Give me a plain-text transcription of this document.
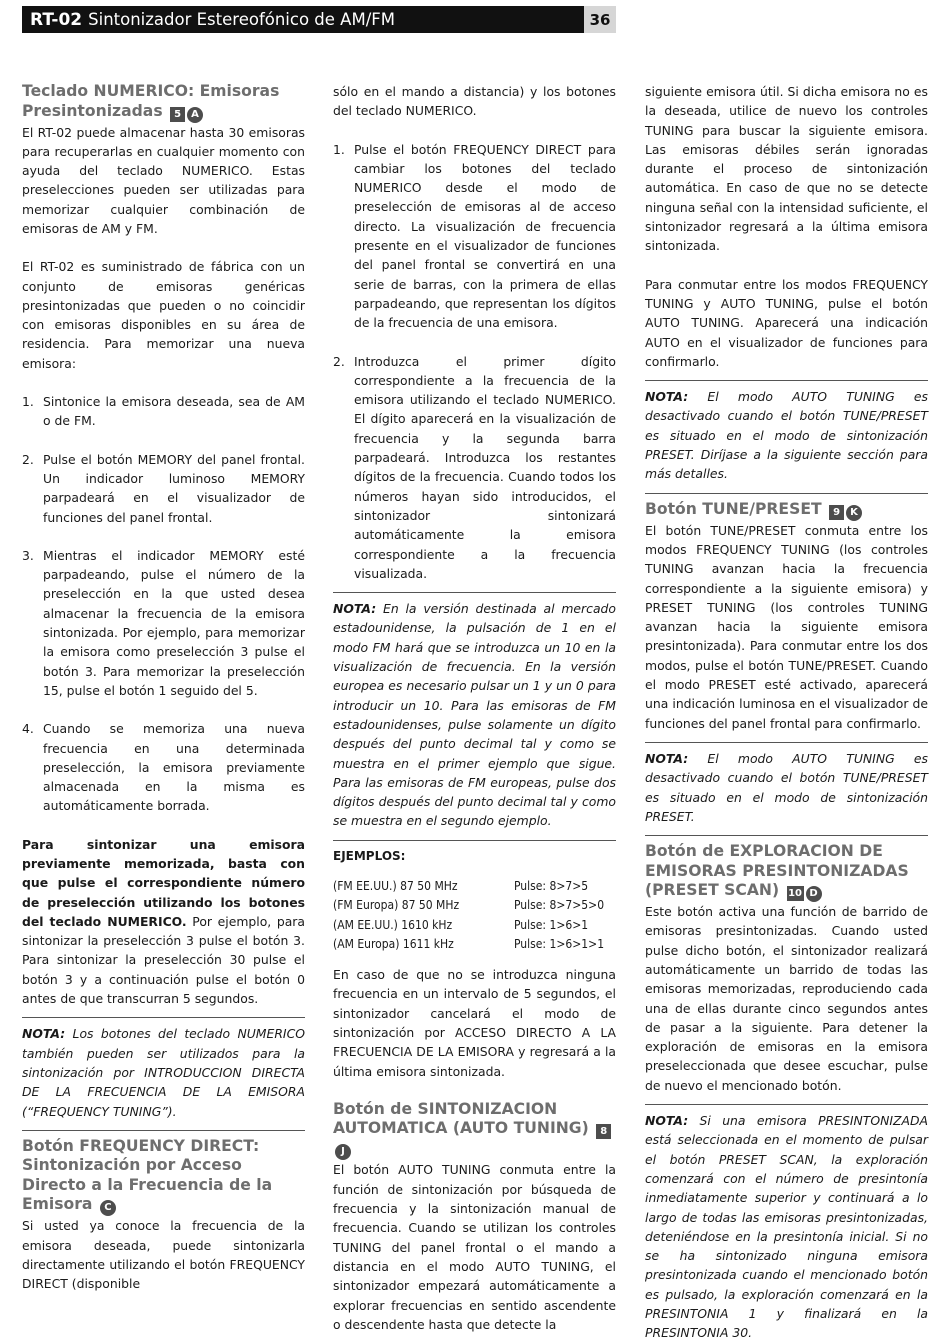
RT-02 Sintonizador Estereofónico de AM/FM	36
Teclado NUMERICO: Emisoras Presintonizadas 5 A

El RT-02 puede almacenar hasta 30 emisoras para recuperarlas en cualquier momento con ayuda del teclado NUMERICO. Estas preselecciones pueden ser utilizadas para memorizar cualquier combinación de emisoras de AM y FM.

El RT-02 es suministrado de fábrica con un conjunto de emisoras genéricas presintonizadas que pueden o no coincidir con emisoras disponibles en su área de residencia. Para memorizar una nueva emisora:

1. Sintonice la emisora deseada, sea de AM o de FM.
2. Pulse el botón MEMORY del panel frontal. Un indicador luminoso MEMORY parpadeará en el visualizador de funciones del panel frontal.
3. Mientras el indicador MEMORY esté parpadeando, pulse el número de la preselección en la que usted desea almacenar la frecuencia de la emisora sintonizada. Por ejemplo, para memorizar la emisora como preselección 3 pulse el botón 3. Para memorizar la preselección 15, pulse el botón 1 seguido del 5.
4. Cuando se memoriza una nueva frecuencia en una determinada preselección, la emisora previamente almacenada en la misma es automáticamente borrada.

Para sintonizar una emisora previamente memorizada, basta con que pulse el correspondiente número de preselección utilizando los botones del teclado NUMERICO. Por ejemplo, para sintonizar la preselección 3 pulse el botón 3. Para sintonizar la preselección 30 pulse el botón 3 y a continuación pulse el botón 0 antes de que transcurran 5 segundos.

NOTA: Los botones del teclado NUMERICO también pueden ser utilizados para la sintonización por INTRODUCCION DIRECTA DE LA FRECUENCIA DE LA EMISORA (“FREQUENCY TUNING”).

Botón FREQUENCY DIRECT: Sintonización por Acceso Directo a la Frecuencia de la Emisora C

Si usted ya conoce la frecuencia de la emisora deseada, puede sintonizarla directamente utilizando el botón FREQUENCY DIRECT (disponible

sólo en el mando a distancia) y los botones del teclado NUMERICO.

1. Pulse el botón FREQUENCY DIRECT para cambiar los botones del teclado NUMERICO desde el modo de preselección de emisoras al de acceso directo. La visualización de frecuencia presente en el visualizador de funciones del panel frontal se convertirá en una serie de barras, con la primera de ellas parpadeando, que representan los dígitos de la frecuencia de una emisora.
2. Introduzca el primer dígito correspondiente a la frecuencia de la emisora utilizando el teclado NUMERICO. El dígito aparecerá en la visualización de frecuencia y la segunda barra parpadeará. Introduzca los restantes dígitos de la frecuencia. Cuando todos los números hayan sido introducidos, el sintonizador sintonizará automáticamente la emisora correspondiente a la frecuencia visualizada.

NOTA: En la versión destinada al mercado estadounidense, la pulsación de 1 en el modo FM hará que se introduzca un 10 en la visualización de frecuencia. En la versión europea es necesario pulsar un 1 y un 0 para introducir un 10. Para las emisoras de FM estadounidenses, pulse solamente un dígito después del punto decimal tal y como se muestra en el primer ejemplo que sigue. Para las emisoras de FM europeas, pulse dos dígitos después del punto decimal tal y como se muestra en el segundo ejemplo.

EJEMPLOS:

(FM EE.UU.) 87 50 MHz	Pulse: 8>7>5
(FM Europa) 87 50 MHz	Pulse: 8>7>5>0
(AM EE.UU.) 1610 kHz	Pulse: 1>6>1
(AM Europa) 1611 kHz	Pulse: 1>6>1>1

En caso de que no se introduzca ninguna frecuencia en un intervalo de 5 segundos, el sintonizador cancelará el modo de sintonización por ACCESO DIRECTO A LA FRECUENCIA DE LA EMISORA y regresará a la última emisora sintonizada.

Botón de SINTONIZACION AUTOMATICA (AUTO TUNING) 8J

El botón AUTO TUNING conmuta entre la función de sintonización por búsqueda de frecuencia y la sintonización manual de frecuencia. Cuando se utilizan los controles TUNING del panel frontal o el mando a distancia en el modo AUTO TUNING, el sintonizador empezará automáticamente a explorar frecuencias en sentido ascendente o descendente hasta que detecte la

siguiente emisora útil. Si dicha emisora no es la deseada, utilice de nuevo los controles TUNING para buscar la siguiente emisora. Las emisoras débiles serán ignoradas durante el proceso de sintonización automática. En caso de que no se detecte ninguna señal con la intensidad suficiente, el sintonizador regresará a la última emisora sintonizada.

Para conmutar entre los modos FREQUENCY TUNING y AUTO TUNING, pulse el botón AUTO TUNING. Aparecerá una indicación AUTO en el visualizador de funciones para confirmarlo.

NOTA: El modo AUTO TUNING es desactivado cuando el botón TUNE/PRESET es situado en el modo de sintonización PRESET. Diríjase a la siguiente sección para más detalles.

Botón TUNE/PRESET 9 K

El botón TUNE/PRESET conmuta entre los modos FREQUENCY TUNING (los controles TUNING avanzan hacia la frecuencia correspondiente a la siguiente emisora) y PRESET TUNING (los controles TUNING avanzan hacia la siguiente emisora presintonizada). Para conmutar entre los dos modos, pulse el botón TUNE/PRESET. Cuando el modo PRESET esté activado, aparecerá una indicación luminosa en el visualizador de funciones del panel frontal para confirmarlo.

NOTA: El modo AUTO TUNING es desactivado cuando el botón TUNE/PRESET es situado en el modo de sintonización PRESET.

Botón de EXPLORACION DE EMISORAS PRESINTONIZADAS (PRESET SCAN) 10 D

Este botón activa una función de barrido de emisoras presintonizadas. Cuando usted pulse dicho botón, el sintonizador realizará automáticamente un barrido de todas las emisoras memorizadas, reproduciendo cada una de ellas durante cinco segundos antes de pasar a la siguiente. Para detener la exploración de emisoras en la emisora preseleccionada que desee escuchar, pulse de nuevo el mencionado botón.

NOTA: Si una emisora PRESINTONIZADA está seleccionada en el momento de pulsar el botón PRESET SCAN, la exploración comenzará con el número de presintonía inmediatamente superior y continuará a lo largo de todas las emisoras presintonizadas, deteniéndose en la presintonía inicial. Si no se ha sintonizado ninguna emisora presintonizada cuando el mencionado botón es pulsado, la exploración comenzará en la PRESINTONIA 1 y finalizará en la PRESINTONIA 30.
